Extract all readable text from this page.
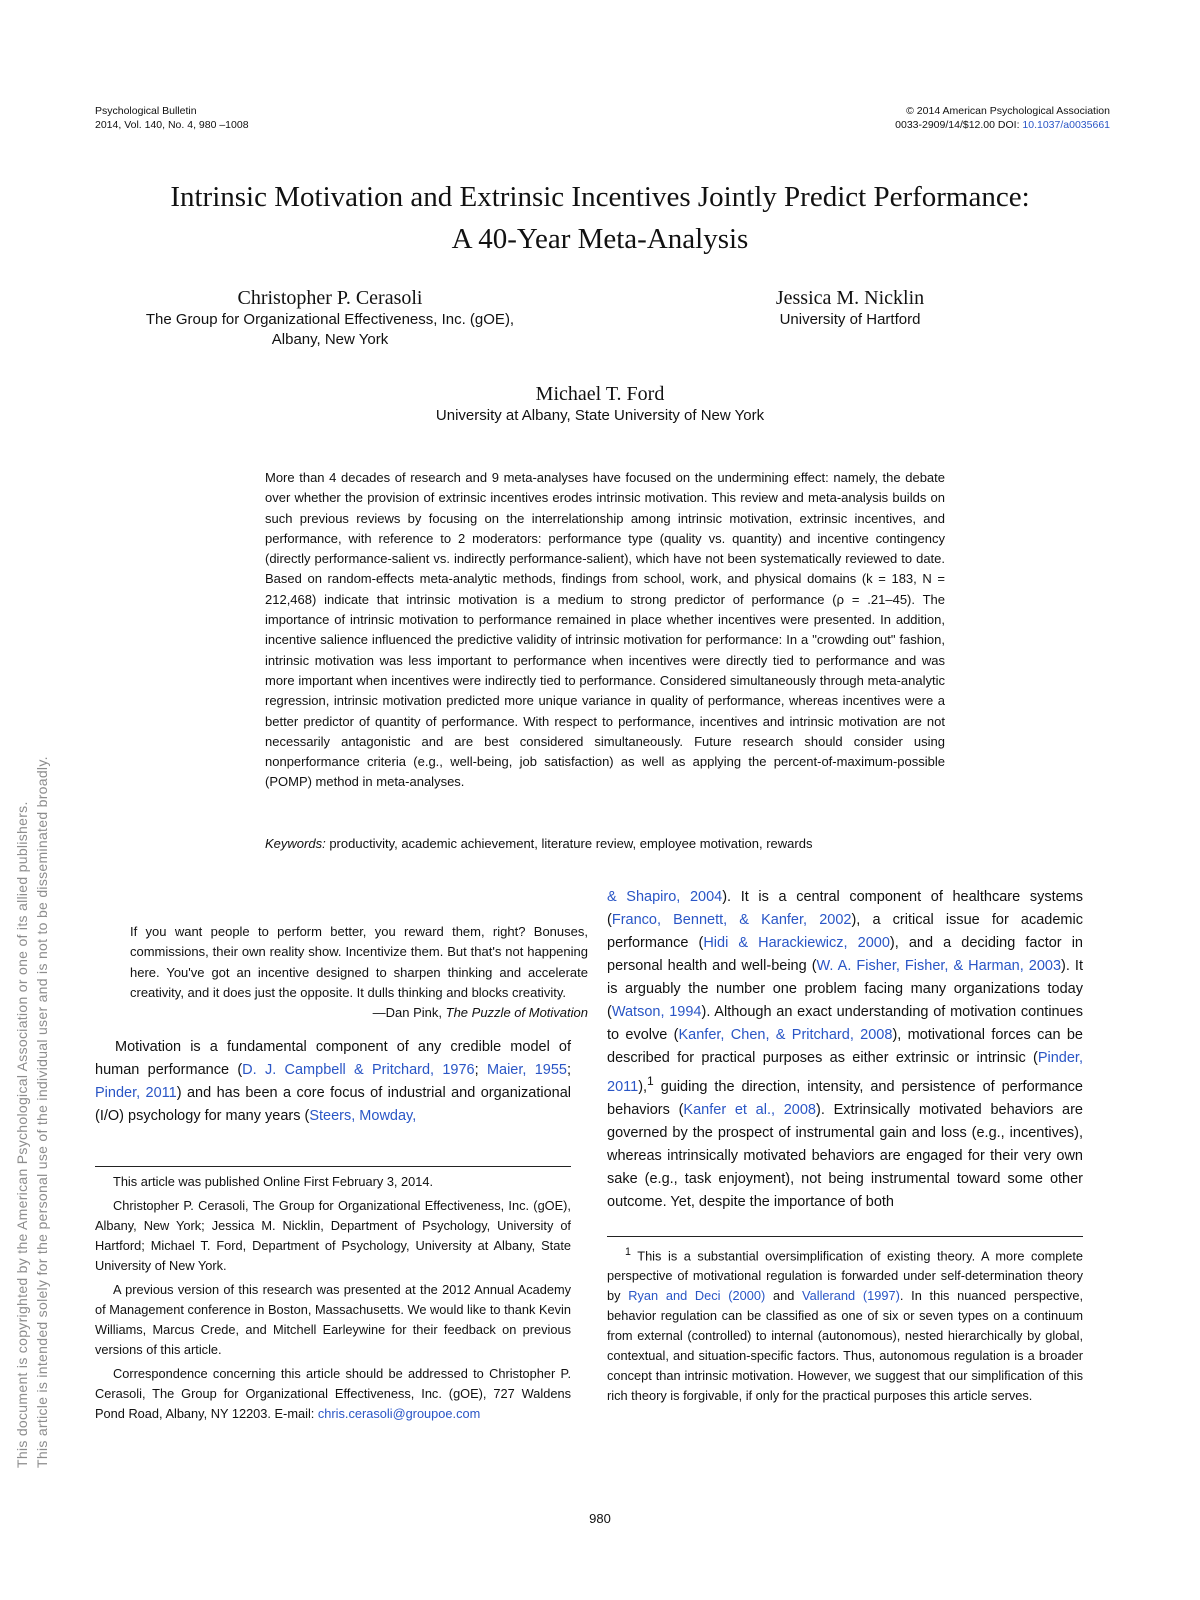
This document is copyrighted by the American Psychological Association or one of its allied publishers. This article is intended solely for the personal use of the individual user and is not to be disseminated broadly.
Psychological Bulletin
2014, Vol. 140, No. 4, 980 –1008
© 2014 American Psychological Association
0033-2909/14/$12.00 DOI: 10.1037/a0035661
Intrinsic Motivation and Extrinsic Incentives Jointly Predict Performance:
A 40-Year Meta-Analysis
Christopher P. Cerasoli
The Group for Organizational Effectiveness, Inc. (gOE),
Albany, New York
Jessica M. Nicklin
University of Hartford
Michael T. Ford
University at Albany, State University of New York
More than 4 decades of research and 9 meta-analyses have focused on the undermining effect: namely, the debate over whether the provision of extrinsic incentives erodes intrinsic motivation. This review and meta-analysis builds on such previous reviews by focusing on the interrelationship among intrinsic motivation, extrinsic incentives, and performance, with reference to 2 moderators: performance type (quality vs. quantity) and incentive contingency (directly performance-salient vs. indirectly performance-salient), which have not been systematically reviewed to date. Based on random-effects meta-analytic methods, findings from school, work, and physical domains (k = 183, N = 212,468) indicate that intrinsic motivation is a medium to strong predictor of performance (ρ = .21–45). The importance of intrinsic motivation to performance remained in place whether incentives were presented. In addition, incentive salience influenced the predictive validity of intrinsic motivation for performance: In a "crowding out" fashion, intrinsic motivation was less important to performance when incentives were directly tied to performance and was more important when incentives were indirectly tied to performance. Considered simultaneously through meta-analytic regression, intrinsic motivation predicted more unique variance in quality of performance, whereas incentives were a better predictor of quantity of performance. With respect to performance, incentives and intrinsic motivation are not necessarily antagonistic and are best considered simultaneously. Future research should consider using nonperformance criteria (e.g., well-being, job satisfaction) as well as applying the percent-of-maximum-possible (POMP) method in meta-analyses.
Keywords: productivity, academic achievement, literature review, employee motivation, rewards
If you want people to perform better, you reward them, right? Bonuses, commissions, their own reality show. Incentivize them. But that's not happening here. You've got an incentive designed to sharpen thinking and accelerate creativity, and it does just the opposite. It dulls thinking and blocks creativity.
—Dan Pink, The Puzzle of Motivation
Motivation is a fundamental component of any credible model of human performance (D. J. Campbell & Pritchard, 1976; Maier, 1955; Pinder, 2011) and has been a core focus of industrial and organizational (I/O) psychology for many years (Steers, Mowday,
& Shapiro, 2004). It is a central component of healthcare systems (Franco, Bennett, & Kanfer, 2002), a critical issue for academic performance (Hidi & Harackiewicz, 2000), and a deciding factor in personal health and well-being (W. A. Fisher, Fisher, & Harman, 2003). It is arguably the number one problem facing many organizations today (Watson, 1994). Although an exact understanding of motivation continues to evolve (Kanfer, Chen, & Pritchard, 2008), motivational forces can be described for practical purposes as either extrinsic or intrinsic (Pinder, 2011),$^1$ guiding the direction, intensity, and persistence of performance behaviors (Kanfer et al., 2008). Extrinsically motivated behaviors are governed by the prospect of instrumental gain and loss (e.g., incentives), whereas intrinsically motivated behaviors are engaged for their very own sake (e.g., task enjoyment), not being instrumental toward some other outcome. Yet, despite the importance of both

This article was published Online First February 3, 2014.

Christopher P. Cerasoli, The Group for Organizational Effectiveness, Inc. (gOE), Albany, New York; Jessica M. Nicklin, Department of Psychology, University of Hartford; Michael T. Ford, Department of Psychology, University at Albany, State University of New York.

A previous version of this research was presented at the 2012 Annual Academy of Management conference in Boston, Massachusetts. We would like to thank Kevin Williams, Marcus Crede, and Mitchell Earleywine for their feedback on previous versions of this article.

Correspondence concerning this article should be addressed to Christopher P. Cerasoli, The Group for Organizational Effectiveness, Inc. (gOE), 727 Waldens Pond Road, Albany, NY 12203. E-mail: chris.cerasoli@groupoe.com

$^1$ This is a substantial oversimplification of existing theory. A more complete perspective of motivational regulation is forwarded under self-determination theory by Ryan and Deci (2000) and Vallerand (1997). In this nuanced perspective, behavior regulation can be classified as one of six or seven types on a continuum from external (controlled) to internal (autonomous), nested hierarchically by global, contextual, and situation-specific factors. Thus, autonomous regulation is a broader concept than intrinsic motivation. However, we suggest that our simplification of this rich theory is forgivable, if only for the practical purposes this article serves.

980
